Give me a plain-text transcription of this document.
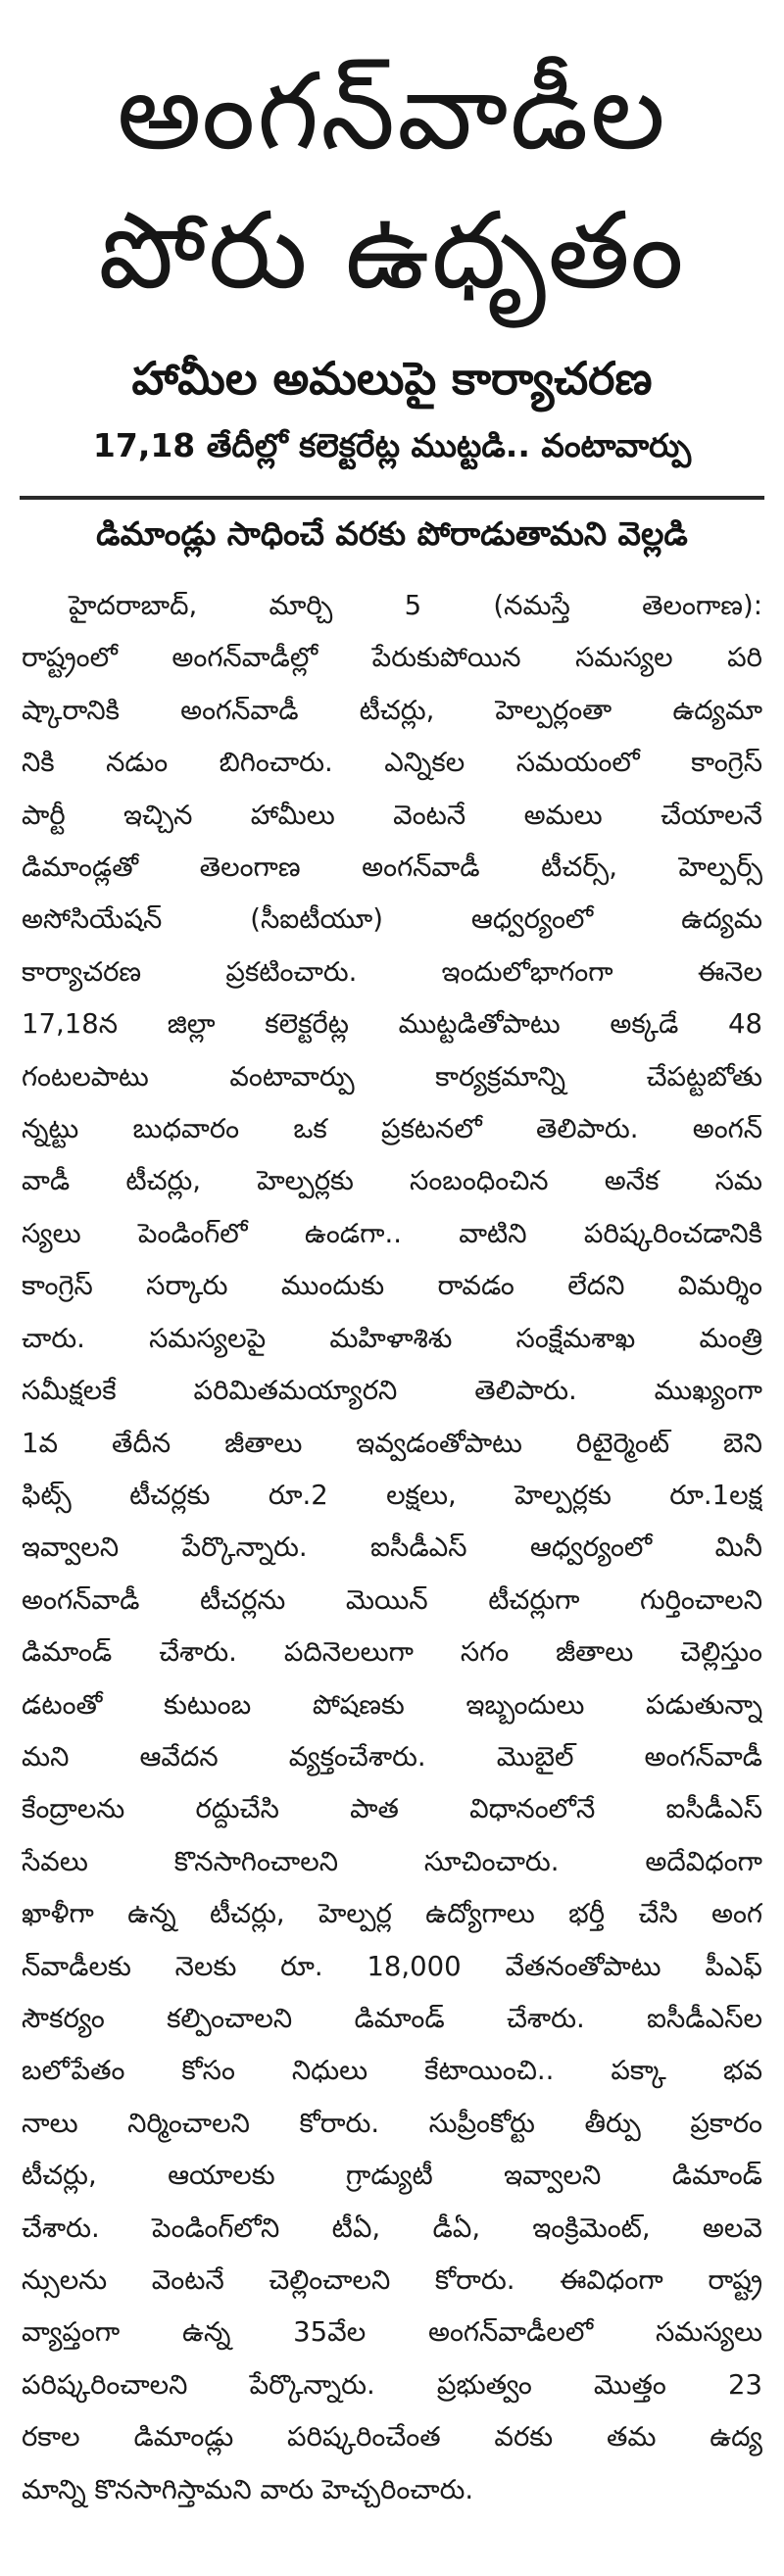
అంగన్‌వాడీల
పోరు ఉధృతం
హామీల అమలుపై కార్యాచరణ
17,18 తేదీల్లో కలెక్టరేట్ల ముట్టడి.. వంటావార్పు
డిమాండ్లు సాధించే వరకు పోరాడుతామని వెల్లడి
హైదరాబాద్‌, మార్చి 5 (నమస్తే తెలంగాణ):
రాష్ట్రంలో అంగన్‌వాడీల్లో పేరుకుపోయిన సమస్యల పరి
ష్కారానికి అంగన్‌వాడీ టీచర్లు, హెల్పర్లంతా ఉద్యమా
నికి నడుం బిగించారు. ఎన్నికల సమయంలో కాంగ్రెస్‌
పార్టీ ఇచ్చిన హామీలు వెంటనే అమలు చేయాలనే
డిమాండ్లతో తెలంగాణ అంగన్‌వాడీ టీచర్స్‌, హెల్పర్స్‌
అసోసియేషన్‌ (సీఐటీయూ) ఆధ్వర్యంలో ఉద్యమ
కార్యాచరణ ప్రకటించారు. ఇందులోభాగంగా ఈనెల
17,18న జిల్లా కలెక్టరేట్ల ముట్టడితోపాటు అక్కడే 48
గంటలపాటు వంటావార్పు కార్యక్రమాన్ని చేపట్టబోతు
న్నట్టు బుధవారం ఒక ప్రకటనలో తెలిపారు. అంగన్‌
వాడీ టీచర్లు, హెల్పర్లకు సంబంధించిన అనేక సమ
స్యలు పెండింగ్‌లో ఉండగా.. వాటిని పరిష్కరించడానికి
కాంగ్రెస్‌ సర్కారు ముందుకు రావడం లేదని విమర్శిం
చారు. సమస్యలపై మహిళాశిశు సంక్షేమశాఖ మంత్రి
సమీక్షలకే పరిమితమయ్యారని తెలిపారు. ముఖ్యంగా
1వ తేదీన జీతాలు ఇవ్వడంతోపాటు రిటైర్మెంట్‌ బెని
ఫిట్స్‌ టీచర్లకు రూ.2 లక్షలు, హెల్పర్లకు రూ.1లక్ష
ఇవ్వాలని పేర్కొన్నారు. ఐసీడీఎస్‌ ఆధ్వర్యంలో మినీ
అంగన్‌వాడీ టీచర్లను మెయిన్‌ టీచర్లుగా గుర్తించాలని
డిమాండ్‌ చేశారు. పదినెలలుగా సగం జీతాలు చెల్లిస్తుం
డటంతో కుటుంబ పోషణకు ఇబ్బందులు పడుతున్నా
మని ఆవేదన వ్యక్తంచేశారు. మొబైల్‌ అంగన్‌వాడీ
కేంద్రాలను రద్దుచేసి పాత విధానంలోనే ఐసీడీఎస్‌
సేవలు కొనసాగించాలని సూచించారు. అదేవిధంగా
ఖాళీగా ఉన్న టీచర్లు, హెల్పర్ల ఉద్యోగాలు భర్తీ చేసి అంగ
న్‌వాడీలకు నెలకు రూ. 18,000 వేతనంతోపాటు పీఎఫ్‌
సౌకర్యం కల్పించాలని డిమాండ్‌ చేశారు. ఐసీడీఎస్‌ల
బలోపేతం కోసం నిధులు కేటాయించి.. పక్కా భవ
నాలు నిర్మించాలని కోరారు. సుప్రీంకోర్టు తీర్పు ప్రకారం
టీచర్లు, ఆయాలకు గ్రాడ్యుటీ ఇవ్వాలని డిమాండ్‌
చేశారు. పెండింగ్‌లోని టీఏ, డీఏ, ఇంక్రిమెంట్‌, అలవె
న్సులను వెంటనే చెల్లించాలని కోరారు. ఈవిధంగా రాష్ట్ర
వ్యాప్తంగా ఉన్న 35వేల అంగన్‌వాడీలలో సమస్యలు
పరిష్కరించాలని పేర్కొన్నారు. ప్రభుత్వం మొత్తం 23
రకాల డిమాండ్లు పరిష్కరించేంత వరకు తమ ఉద్య
మాన్ని కొనసాగిస్తామని వారు హెచ్చరించారు.
